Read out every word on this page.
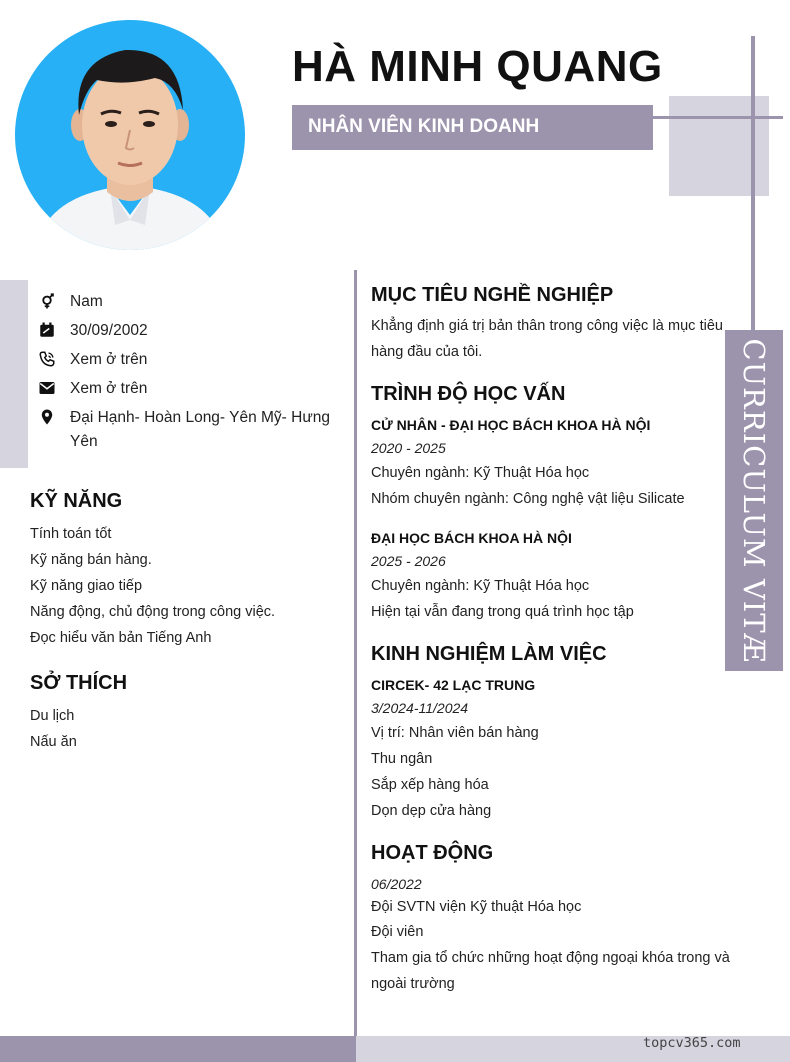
HÀ MINH QUANG
NHÂN VIÊN KINH DOANH
CURRICULUM VITÆ
Nam
30/09/2002
Xem ở trên
Xem ở trên
Đại Hạnh- Hoàn Long- Yên Mỹ- Hưng Yên
KỸ NĂNG
Tính toán tốt
Kỹ năng bán hàng.
Kỹ năng giao tiếp
Năng động, chủ động trong công việc.
Đọc hiểu văn bản Tiếng Anh
SỞ THÍCH
Du lịch
Nấu ăn
MỤC TIÊU NGHỀ NGHIỆP
Khẳng định giá trị bản thân trong công việc là mục tiêu hàng đầu của tôi.
TRÌNH ĐỘ HỌC VẤN
CỬ NHÂN - ĐẠI HỌC BÁCH KHOA HÀ NỘI
2020 - 2025
Chuyên ngành: Kỹ Thuật Hóa học
Nhóm chuyên ngành: Công nghệ vật liệu Silicate
ĐẠI HỌC BÁCH KHOA HÀ NỘI
2025 - 2026
Chuyên ngành: Kỹ Thuật Hóa học
Hiện tại vẫn đang trong quá trình học tập
KINH NGHIỆM LÀM VIỆC
CIRCEK- 42 LẠC TRUNG
3/2024-11/2024
Vị trí: Nhân viên bán hàng
Thu ngân
Sắp xếp hàng hóa
Dọn dẹp cửa hàng
HOẠT ĐỘNG
06/2022
Đội SVTN viện Kỹ thuật Hóa học
Đội viên
Tham gia tổ chức những hoạt động ngoại khóa trong và ngoài trường
topcv365.com
